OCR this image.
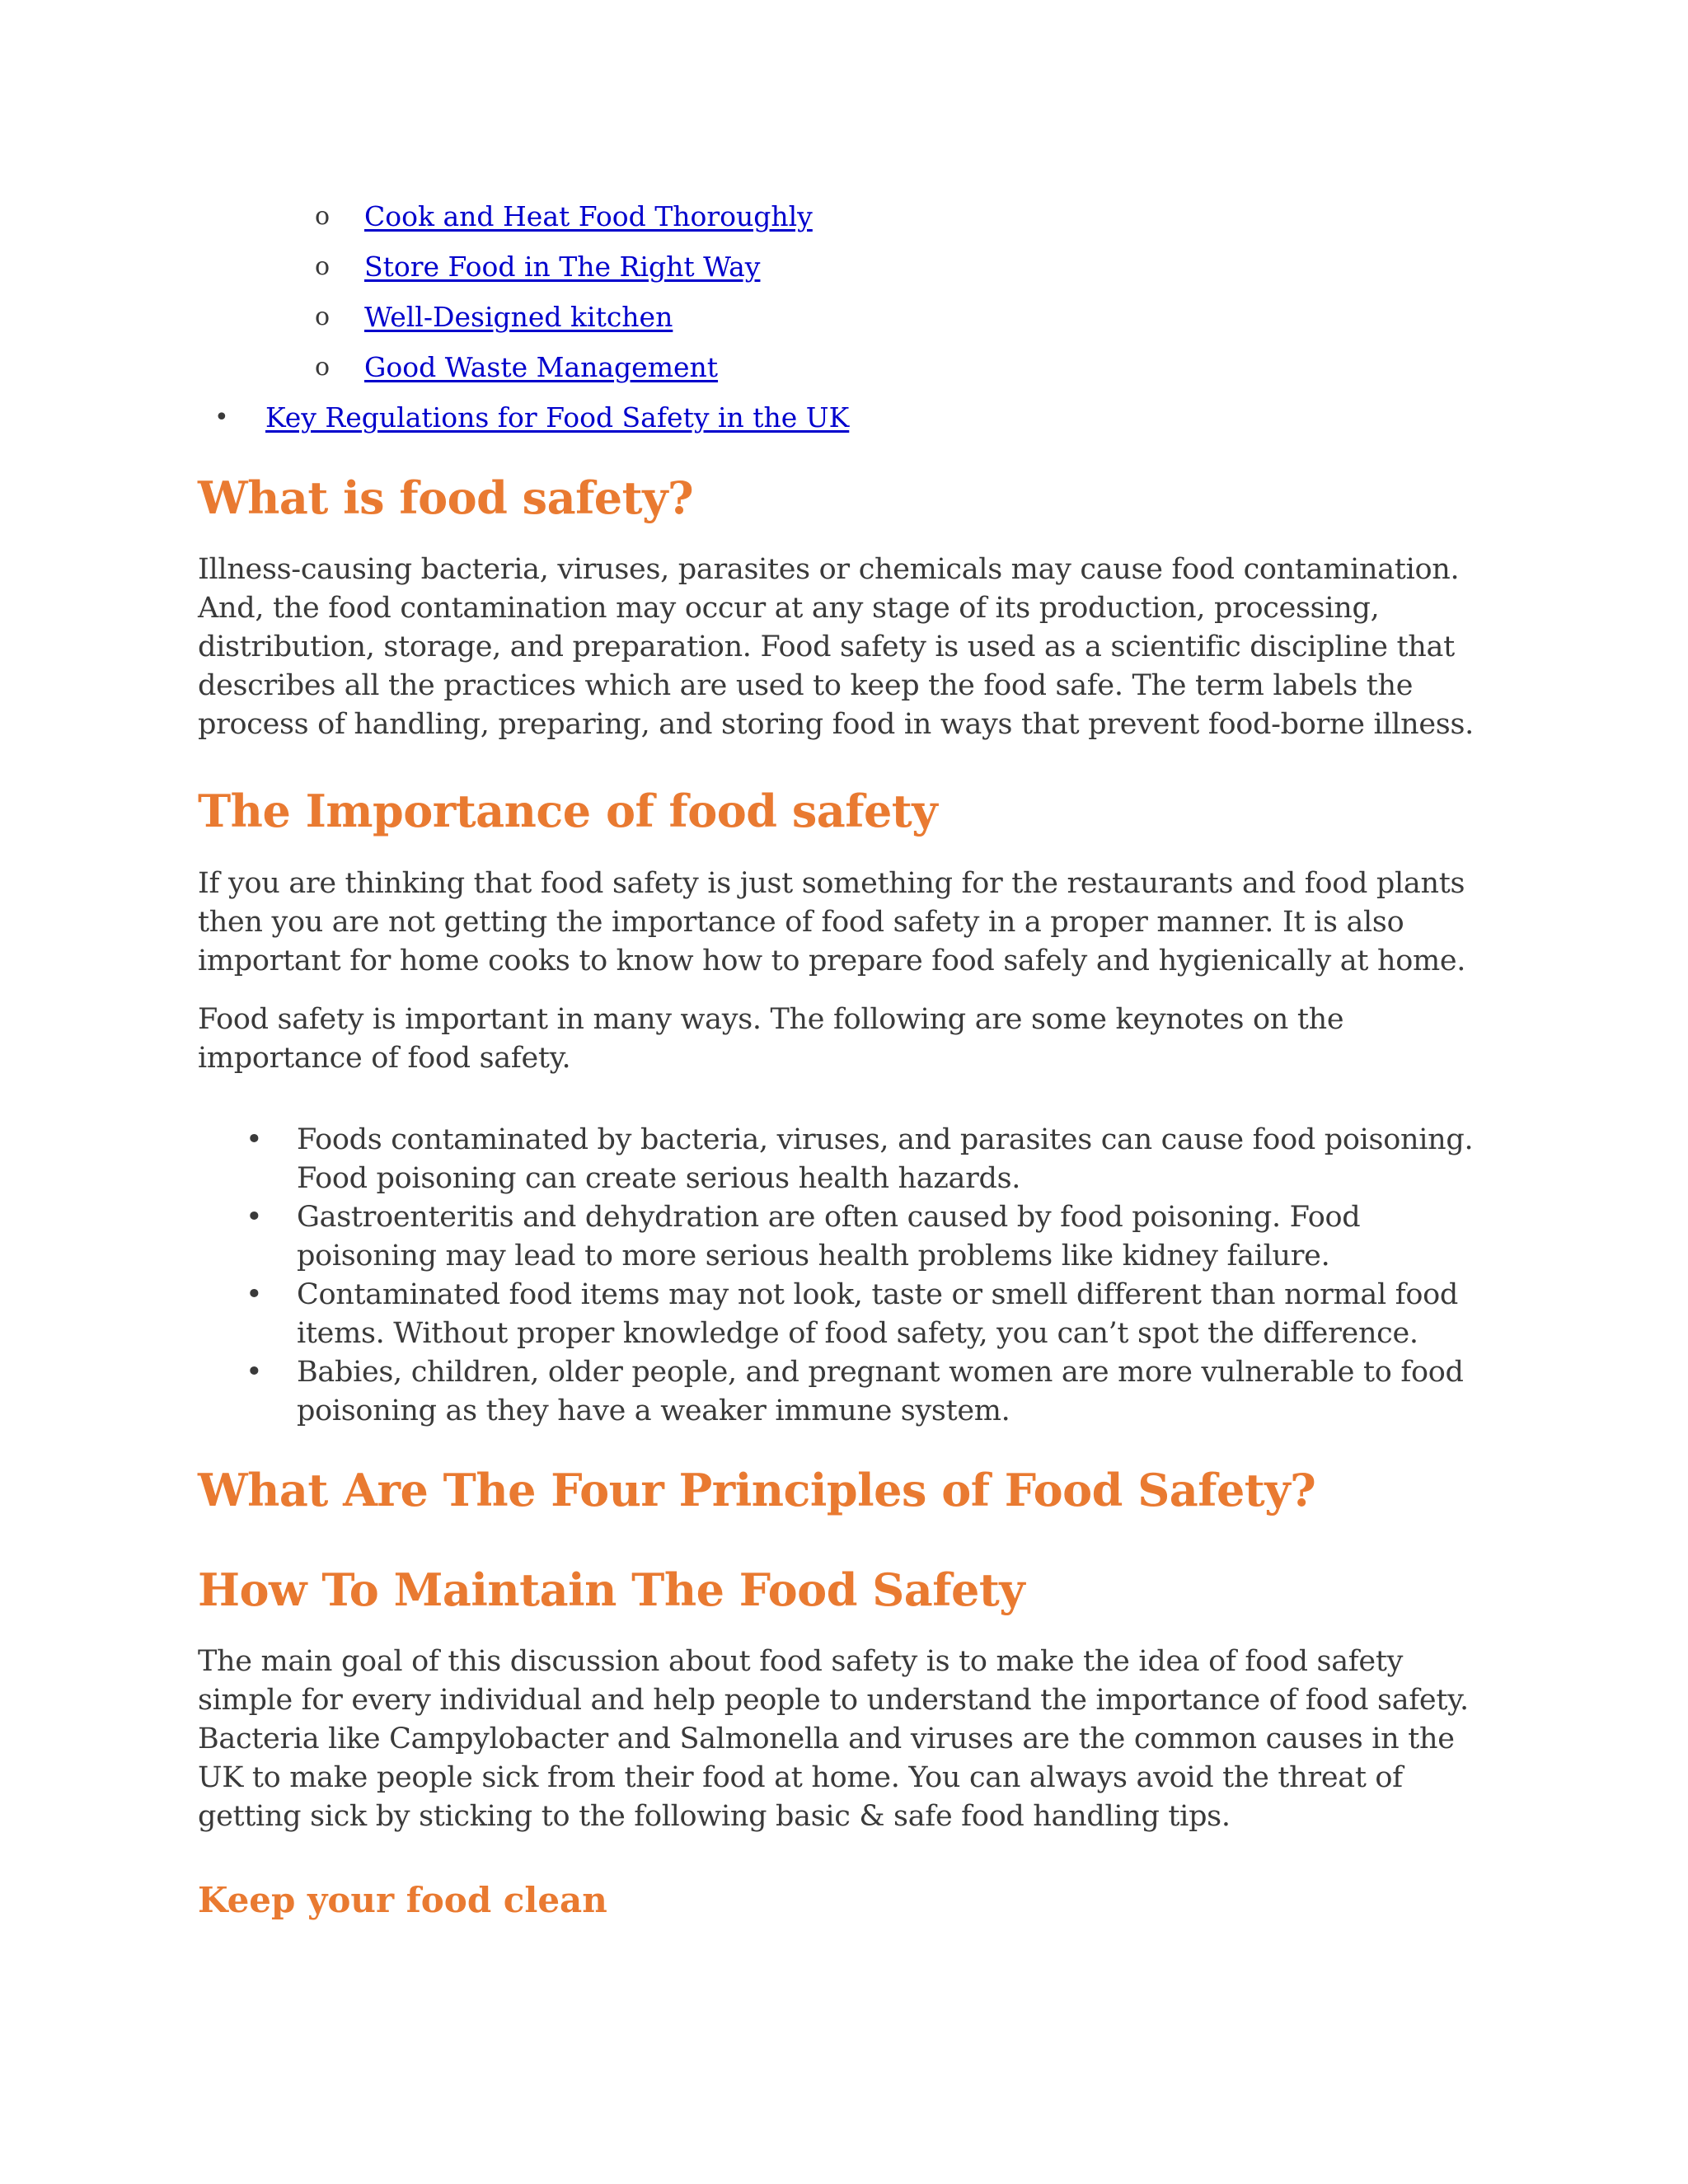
o Cook and Heat Food Thoroughly
o Store Food in The Right Way
o Well-Designed kitchen
o Good Waste Management
• Key Regulations for Food Safety in the UK
What is food safety?

Illness-causing bacteria, viruses, parasites or chemicals may cause food contamination. And, the food contamination may occur at any stage of its production, processing, distribution, storage, and preparation. Food safety is used as a scientific discipline that describes all the practices which are used to keep the food safe. The term labels the process of handling, preparing, and storing food in ways that prevent food-borne illness.

The Importance of food safety

If you are thinking that food safety is just something for the restaurants and food plants then you are not getting the importance of food safety in a proper manner. It is also important for home cooks to know how to prepare food safely and hygienically at home.

Food safety is important in many ways. The following are some keynotes on the importance of food safety.

• Foods contaminated by bacteria, viruses, and parasites can cause food poisoning. Food poisoning can create serious health hazards.
• Gastroenteritis and dehydration are often caused by food poisoning. Food poisoning may lead to more serious health problems like kidney failure.
• Contaminated food items may not look, taste or smell different than normal food items. Without proper knowledge of food safety, you can’t spot the difference.
• Babies, children, older people, and pregnant women are more vulnerable to food poisoning as they have a weaker immune system.
What Are The Four Principles of Food Safety?
How To Maintain The Food Safety

The main goal of this discussion about food safety is to make the idea of food safety simple for every individual and help people to understand the importance of food safety. Bacteria like Campylobacter and Salmonella and viruses are the common causes in the UK to make people sick from their food at home. You can always avoid the threat of getting sick by sticking to the following basic & safe food handling tips.

Keep your food clean
